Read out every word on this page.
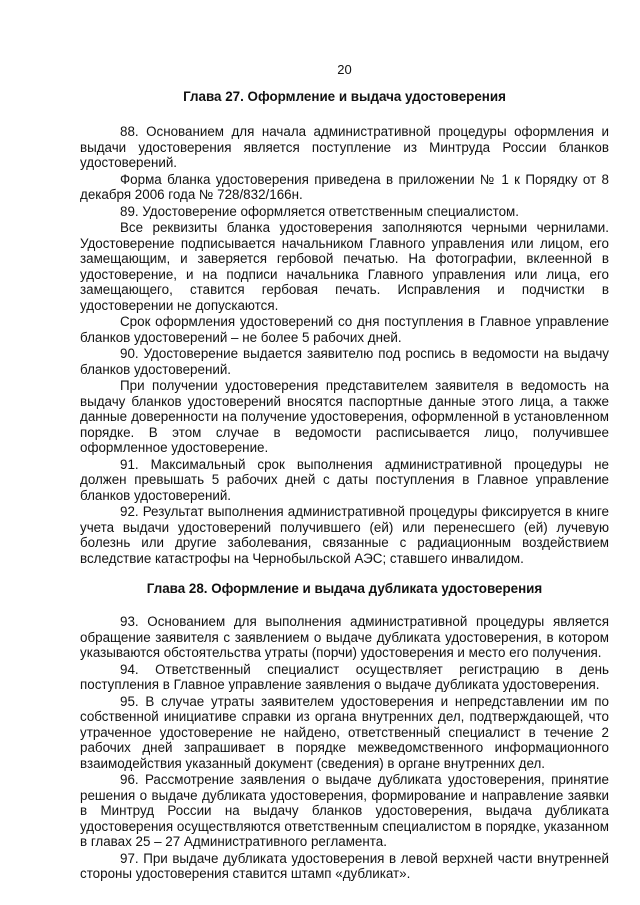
20
Глава 27. Оформление и выдача удостоверения

88. Основанием для начала административной процедуры оформления и выдачи удостоверения является поступление из Минтруда России бланков удостоверений.

Форма бланка удостоверения приведена в приложении № 1 к Порядку от 8 декабря 2006 года № 728/832/166н.

89. Удостоверение оформляется ответственным специалистом.

Все реквизиты бланка удостоверения заполняются черными чернилами. Удостоверение подписывается начальником Главного управления или лицом, его замещающим, и заверяется гербовой печатью. На фотографии, вклеенной в удостоверение, и на подписи начальника Главного управления или лица, его замещающего, ставится гербовая печать. Исправления и подчистки в удостоверении не допускаются.

Срок оформления удостоверений со дня поступления в Главное управление бланков удостоверений – не более 5 рабочих дней.

90. Удостоверение выдается заявителю под роспись в ведомости на выдачу бланков удостоверений.

При получении удостоверения представителем заявителя в ведомость на выдачу бланков удостоверений вносятся паспортные данные этого лица, а также данные доверенности на получение удостоверения, оформленной в установленном порядке. В этом случае в ведомости расписывается лицо, получившее оформленное удостоверение.

91. Максимальный срок выполнения административной процедуры не должен превышать 5 рабочих дней с даты поступления в Главное управление бланков удостоверений.

92. Результат выполнения административной процедуры фиксируется в книге учета выдачи удостоверений получившего (ей) или перенесшего (ей) лучевую болезнь или другие заболевания, связанные с радиационным воздействием вследствие катастрофы на Чернобыльской АЭС; ставшего инвалидом.

Глава 28. Оформление и выдача дубликата удостоверения

93. Основанием для выполнения административной процедуры является обращение заявителя с заявлением о выдаче дубликата удостоверения, в котором указываются обстоятельства утраты (порчи) удостоверения и место его получения.

94. Ответственный специалист осуществляет регистрацию в день поступления в Главное управление заявления о выдаче дубликата удостоверения.

95. В случае утраты заявителем удостоверения и непредставлении им по собственной инициативе справки из органа внутренних дел, подтверждающей, что утраченное удостоверение не найдено, ответственный специалист в течение 2 рабочих дней запрашивает в порядке межведомственного информационного взаимодействия указанный документ (сведения) в органе внутренних дел.

96. Рассмотрение заявления о выдаче дубликата удостоверения, принятие решения о выдаче дубликата удостоверения, формирование и направление заявки в Минтруд России на выдачу бланков удостоверения, выдача дубликата удостоверения осуществляются ответственным специалистом в порядке, указанном в главах 25 – 27 Административного регламента.

97. При выдаче дубликата удостоверения в левой верхней части внутренней стороны удостоверения ставится штамп «дубликат».
